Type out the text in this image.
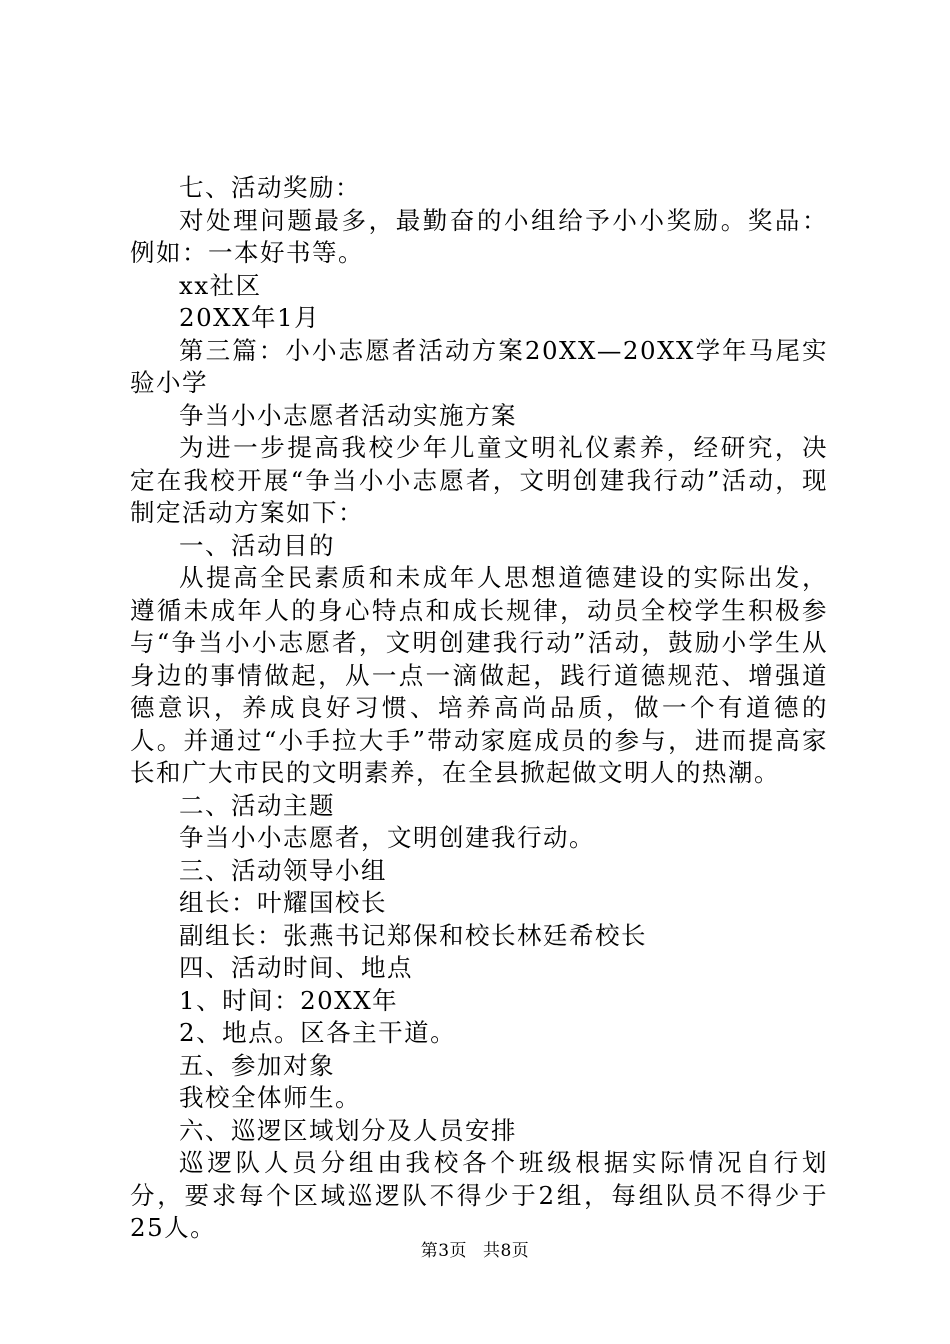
七、活动奖励：

对处理问题最多，最勤奋的小组给予小小奖励。奖品：例如：一本好书等。

xx社区

20XX年1月

第三篇：小小志愿者活动方案20XX—20XX学年马尾实验小学

争当小小志愿者活动实施方案

为进一步提高我校少年儿童文明礼仪素养，经研究，决定在我校开展“争当小小志愿者，文明创建我行动”活动，现制定活动方案如下：

一、活动目的

从提高全民素质和未成年人思想道德建设的实际出发，遵循未成年人的身心特点和成长规律，动员全校学生积极参与“争当小小志愿者，文明创建我行动”活动，鼓励小学生从身边的事情做起，从一点一滴做起，践行道德规范、增强道德意识，养成良好习惯、培养高尚品质，做一个有道德的人。并通过“小手拉大手”带动家庭成员的参与，进而提高家长和广大市民的文明素养，在全县掀起做文明人的热潮。

二、活动主题

争当小小志愿者，文明创建我行动。

三、活动领导小组

组长：叶耀国校长

副组长：张燕书记郑保和校长林廷希校长

四、活动时间、地点

1、时间：20XX年

2、地点。区各主干道。

五、参加对象

我校全体师生。

六、巡逻区域划分及人员安排

巡逻队人员分组由我校各个班级根据实际情况自行划分，要求每个区域巡逻队不得少于2组，每组队员不得少于25人。

第3页 共8页
